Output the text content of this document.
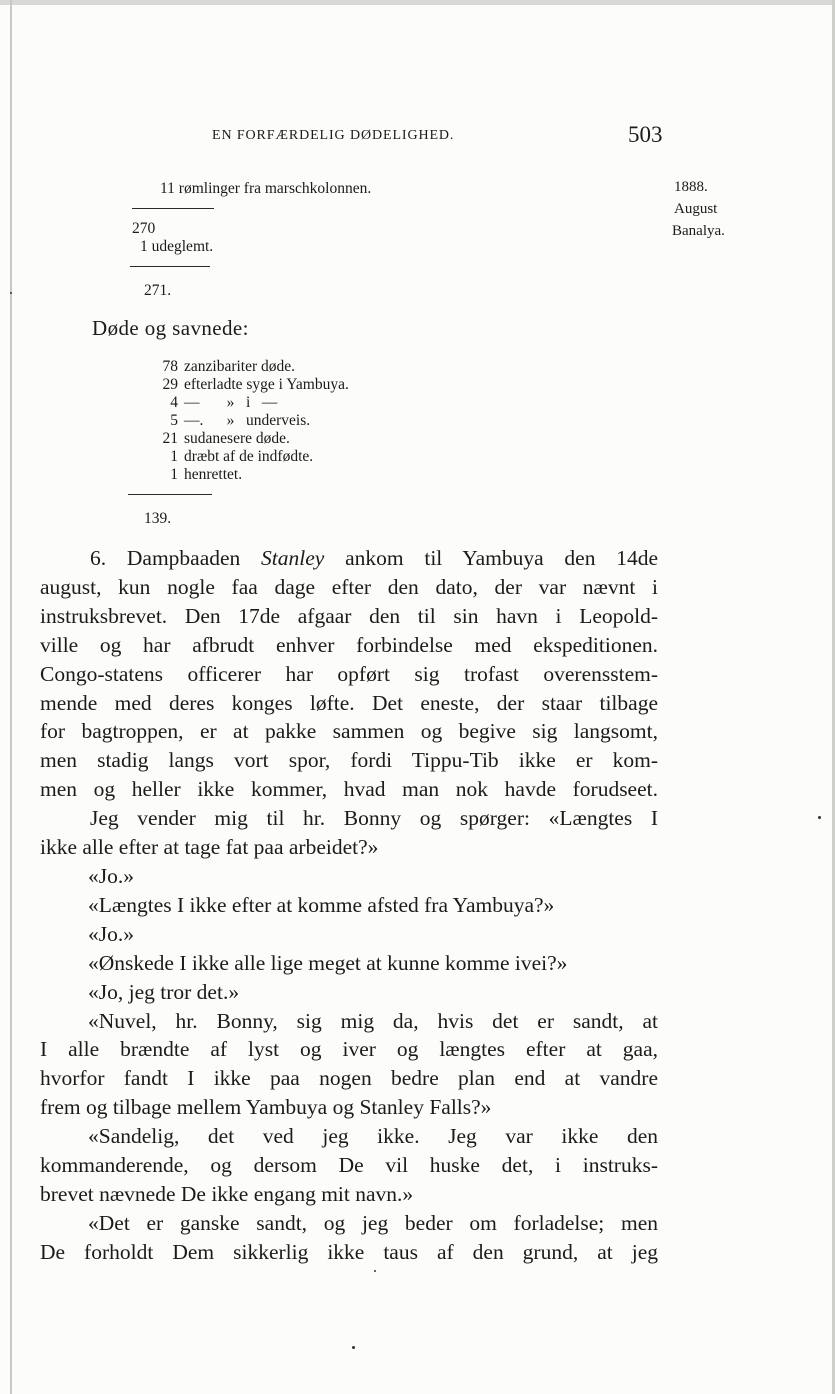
EN FORFÆRDELIG DØDELIGHED.	503
1888.
August
Banalya.
11 rømlinger fra marschkolonnen.
270
1 udeglemt.
271.
Døde og savnede:
78 zanzibariter døde.
29 efterladte syge i Yambuya.
4 —       »   i   —
5 —.      »   underveis.
21 sudanesere døde.
1 dræbt af de indfødte.
1 henrettet.
139.
6. Dampbaaden Stanley ankom til Yambuya den 14de
august, kun nogle faa dage efter den dato, der var nævnt i
instruksbrevet. Den 17de afgaar den til sin havn i Leopold-
ville og har afbrudt enhver forbindelse med ekspeditionen.
Congo-statens officerer har opført sig trofast overensstem-
mende med deres konges løfte. Det eneste, der staar tilbage
for bagtroppen, er at pakke sammen og begive sig langsomt,
men stadig langs vort spor, fordi Tippu-Tib ikke er kom-
men og heller ikke kommer, hvad man nok havde forudseet.
Jeg vender mig til hr. Bonny og spørger: «Længtes I
ikke alle efter at tage fat paa arbeidet?»
«Jo.»
«Længtes I ikke efter at komme afsted fra Yambuya?»
«Jo.»
«Ønskede I ikke alle lige meget at kunne komme ivei?»
«Jo, jeg tror det.»
«Nuvel, hr. Bonny, sig mig da, hvis det er sandt, at
I alle brændte af lyst og iver og længtes efter at gaa,
hvorfor fandt I ikke paa nogen bedre plan end at vandre
frem og tilbage mellem Yambuya og Stanley Falls?»
«Sandelig, det ved jeg ikke. Jeg var ikke den
kommanderende, og dersom De vil huske det, i instruks-
brevet nævnede De ikke engang mit navn.»
«Det er ganske sandt, og jeg beder om forladelse; men
De forholdt Dem sikkerlig ikke taus af den grund, at jeg
